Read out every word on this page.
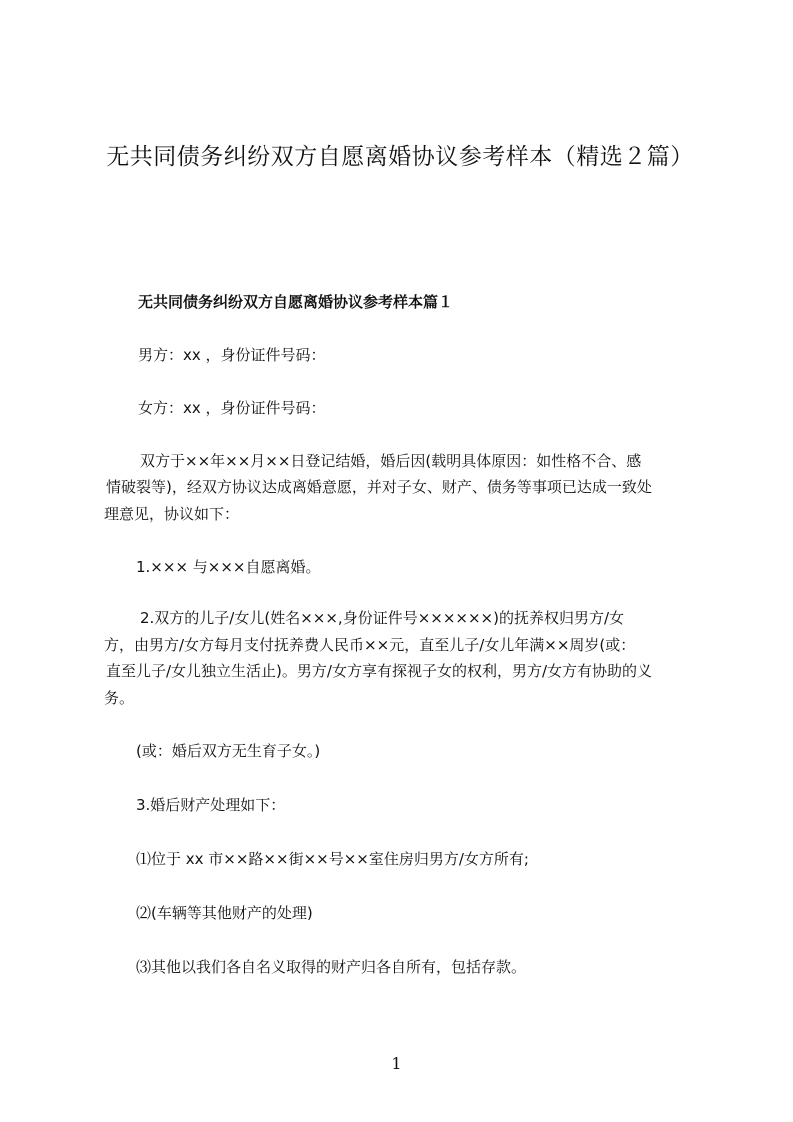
无共同债务纠纷双方自愿离婚协议参考样本（精选２篇）
无共同债务纠纷双方自愿离婚协议参考样本篇１
男方：xx ，身份证件号码：
女方：xx ，身份证件号码：
双方于××年××月××日登记结婚，婚后因(载明具体原因：如性格不合、感
情破裂等)，经双方协议达成离婚意愿，并对子女、财产、债务等事项已达成一致处
理意见，协议如下：
1.××× 与×××自愿离婚。
2.双方的儿子/女儿(姓名×××,身份证件号××××××)的抚养权归男方/女
方，由男方/女方每月支付抚养费人民币××元，直至儿子/女儿年满××周岁(或：
直至儿子/女儿独立生活止)。男方/女方享有探视子女的权利，男方/女方有协助的义
务。
(或：婚后双方无生育子女。)
3.婚后财产处理如下：
⑴位于 xx 市××路××街××号××室住房归男方/女方所有;
⑵(车辆等其他财产的处理)
⑶其他以我们各自名义取得的财产归各自所有，包括存款。
1
